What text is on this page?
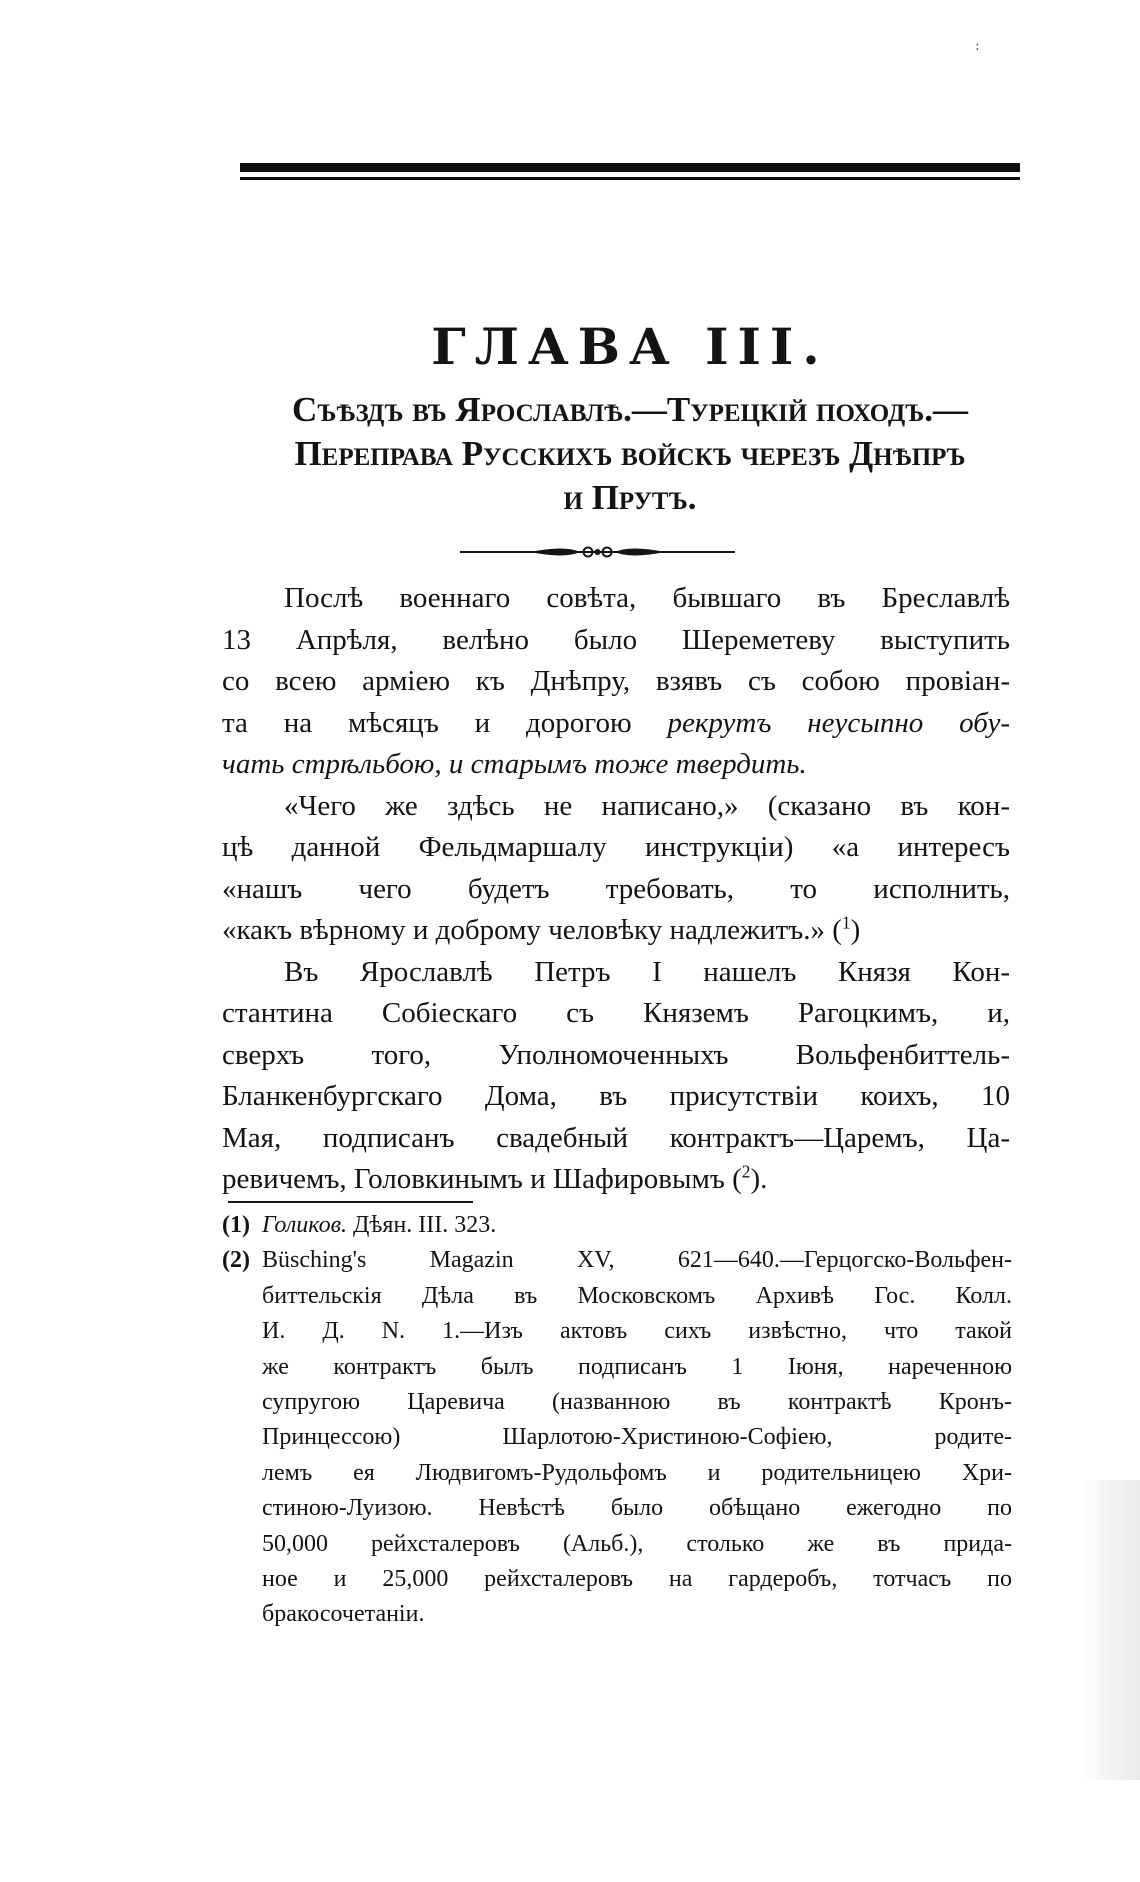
:
ГЛАВА III.
Съѣздъ въ Ярославлѣ.—Турецкій походъ.—
Переправа Русскихъ войскъ черезъ Днѣпръ
и Прутъ.

Послѣ военнаго совѣта, бывшаго въ Бреславлѣ
13 Апрѣля, велѣно было Шереметеву выступить
со всею арміею къ Днѣпру, взявъ съ собою провіан-
та на мѣсяцъ и дорогою рекрутъ неусыпно обу-
чать стрѣльбою, и старымъ тоже твердить.

«Чего же здѣсь не написано,» (сказано въ кон-
цѣ данной Фельдмаршалу инструкціи) «а интересъ
«нашъ чего будетъ требовать, то исполнить,
«какъ вѣрному и доброму человѣку надлежитъ.» ($^1$)

Въ Ярославлѣ Петръ I нашелъ Князя Кон-
стантина Собіескаго съ Княземъ Рагоцкимъ, и,
сверхъ того, Уполномоченныхъ Вольфенбиттель-
Бланкенбургскаго Дома, въ присутствіи коихъ, 10
Мая, подписанъ свадебный контрактъ—Царемъ, Ца-
ревичемъ, Головкинымъ и Шафировымъ ($^2$).

(1) Голиков. Дѣян. III. 323.
(2) Büsching's Magazin XV, 621—640.—Герцогско-Вольфен-
биттельскія Дѣла въ Московскомъ Архивѣ Гос. Колл.
И. Д. N. 1.—Изъ актовъ сихъ извѣстно, что такой
же контрактъ былъ подписанъ 1 Іюня, нареченною
супругою Царевича (названною въ контрактѣ Кронъ-
Принцессою) Шарлотою-Христиною-Софіею, родите-
лемъ ея Людвигомъ-Рудольфомъ и родительницею Хри-
стиною-Луизою. Невѣстѣ было обѣщано ежегодно по
50,000 рейхсталеровъ (Альб.), столько же въ прида-
ное и 25,000 рейхсталеровъ на гардеробъ, тотчасъ по
бракосочетаніи.
